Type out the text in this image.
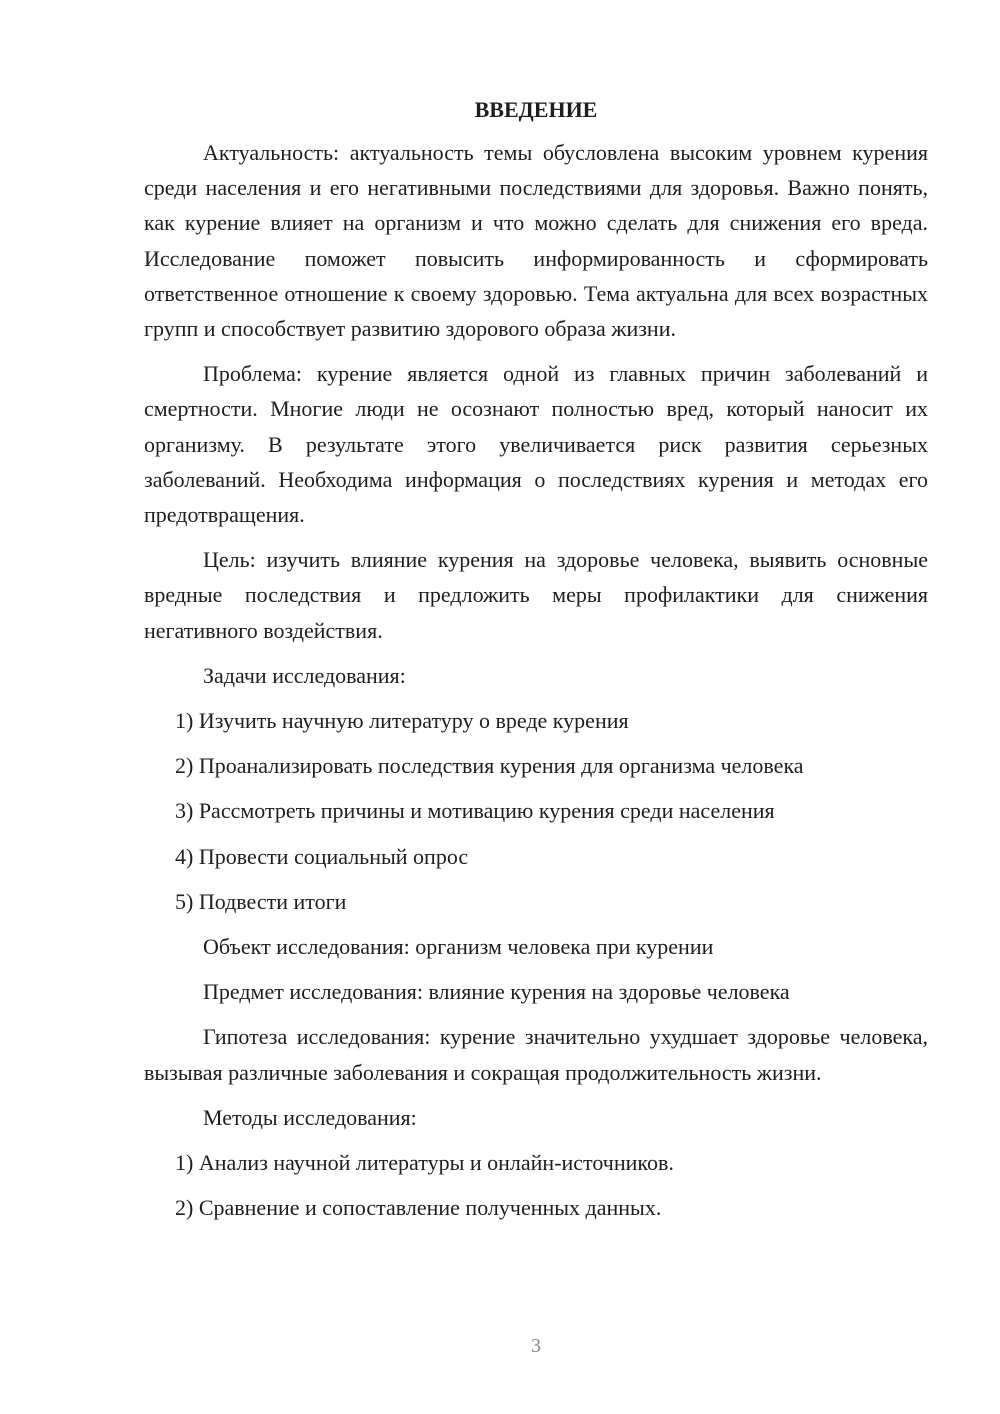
ВВЕДЕНИЕ

Актуальность: актуальность темы обусловлена высоким уровнем курения среди населения и его негативными последствиями для здоровья. Важно понять, как курение влияет на организм и что можно сделать для снижения его вреда. Исследование поможет повысить информированность и сформировать ответственное отношение к своему здоровью. Тема актуальна для всех возрастных групп и способствует развитию здорового образа жизни.

Проблема: курение является одной из главных причин заболеваний и смертности. Многие люди не осознают полностью вред, который наносит их организму. В результате этого увеличивается риск развития серьезных заболеваний. Необходима информация о последствиях курения и методах его предотвращения.

Цель: изучить влияние курения на здоровье человека, выявить основные вредные последствия и предложить меры профилактики для снижения негативного воздействия.

Задачи исследования:

1) Изучить научную литературу о вреде курения

2) Проанализировать последствия курения для организма человека

3) Рассмотреть причины и мотивацию курения среди населения

4) Провести социальный опрос

5) Подвести итоги

Объект исследования: организм человека при курении

Предмет исследования: влияние курения на здоровье человека

Гипотеза исследования: курение значительно ухудшает здоровье человека, вызывая различные заболевания и сокращая продолжительность жизни.

Методы исследования:

1) Анализ научной литературы и онлайн-источников.

2) Сравнение и сопоставление полученных данных.

3
